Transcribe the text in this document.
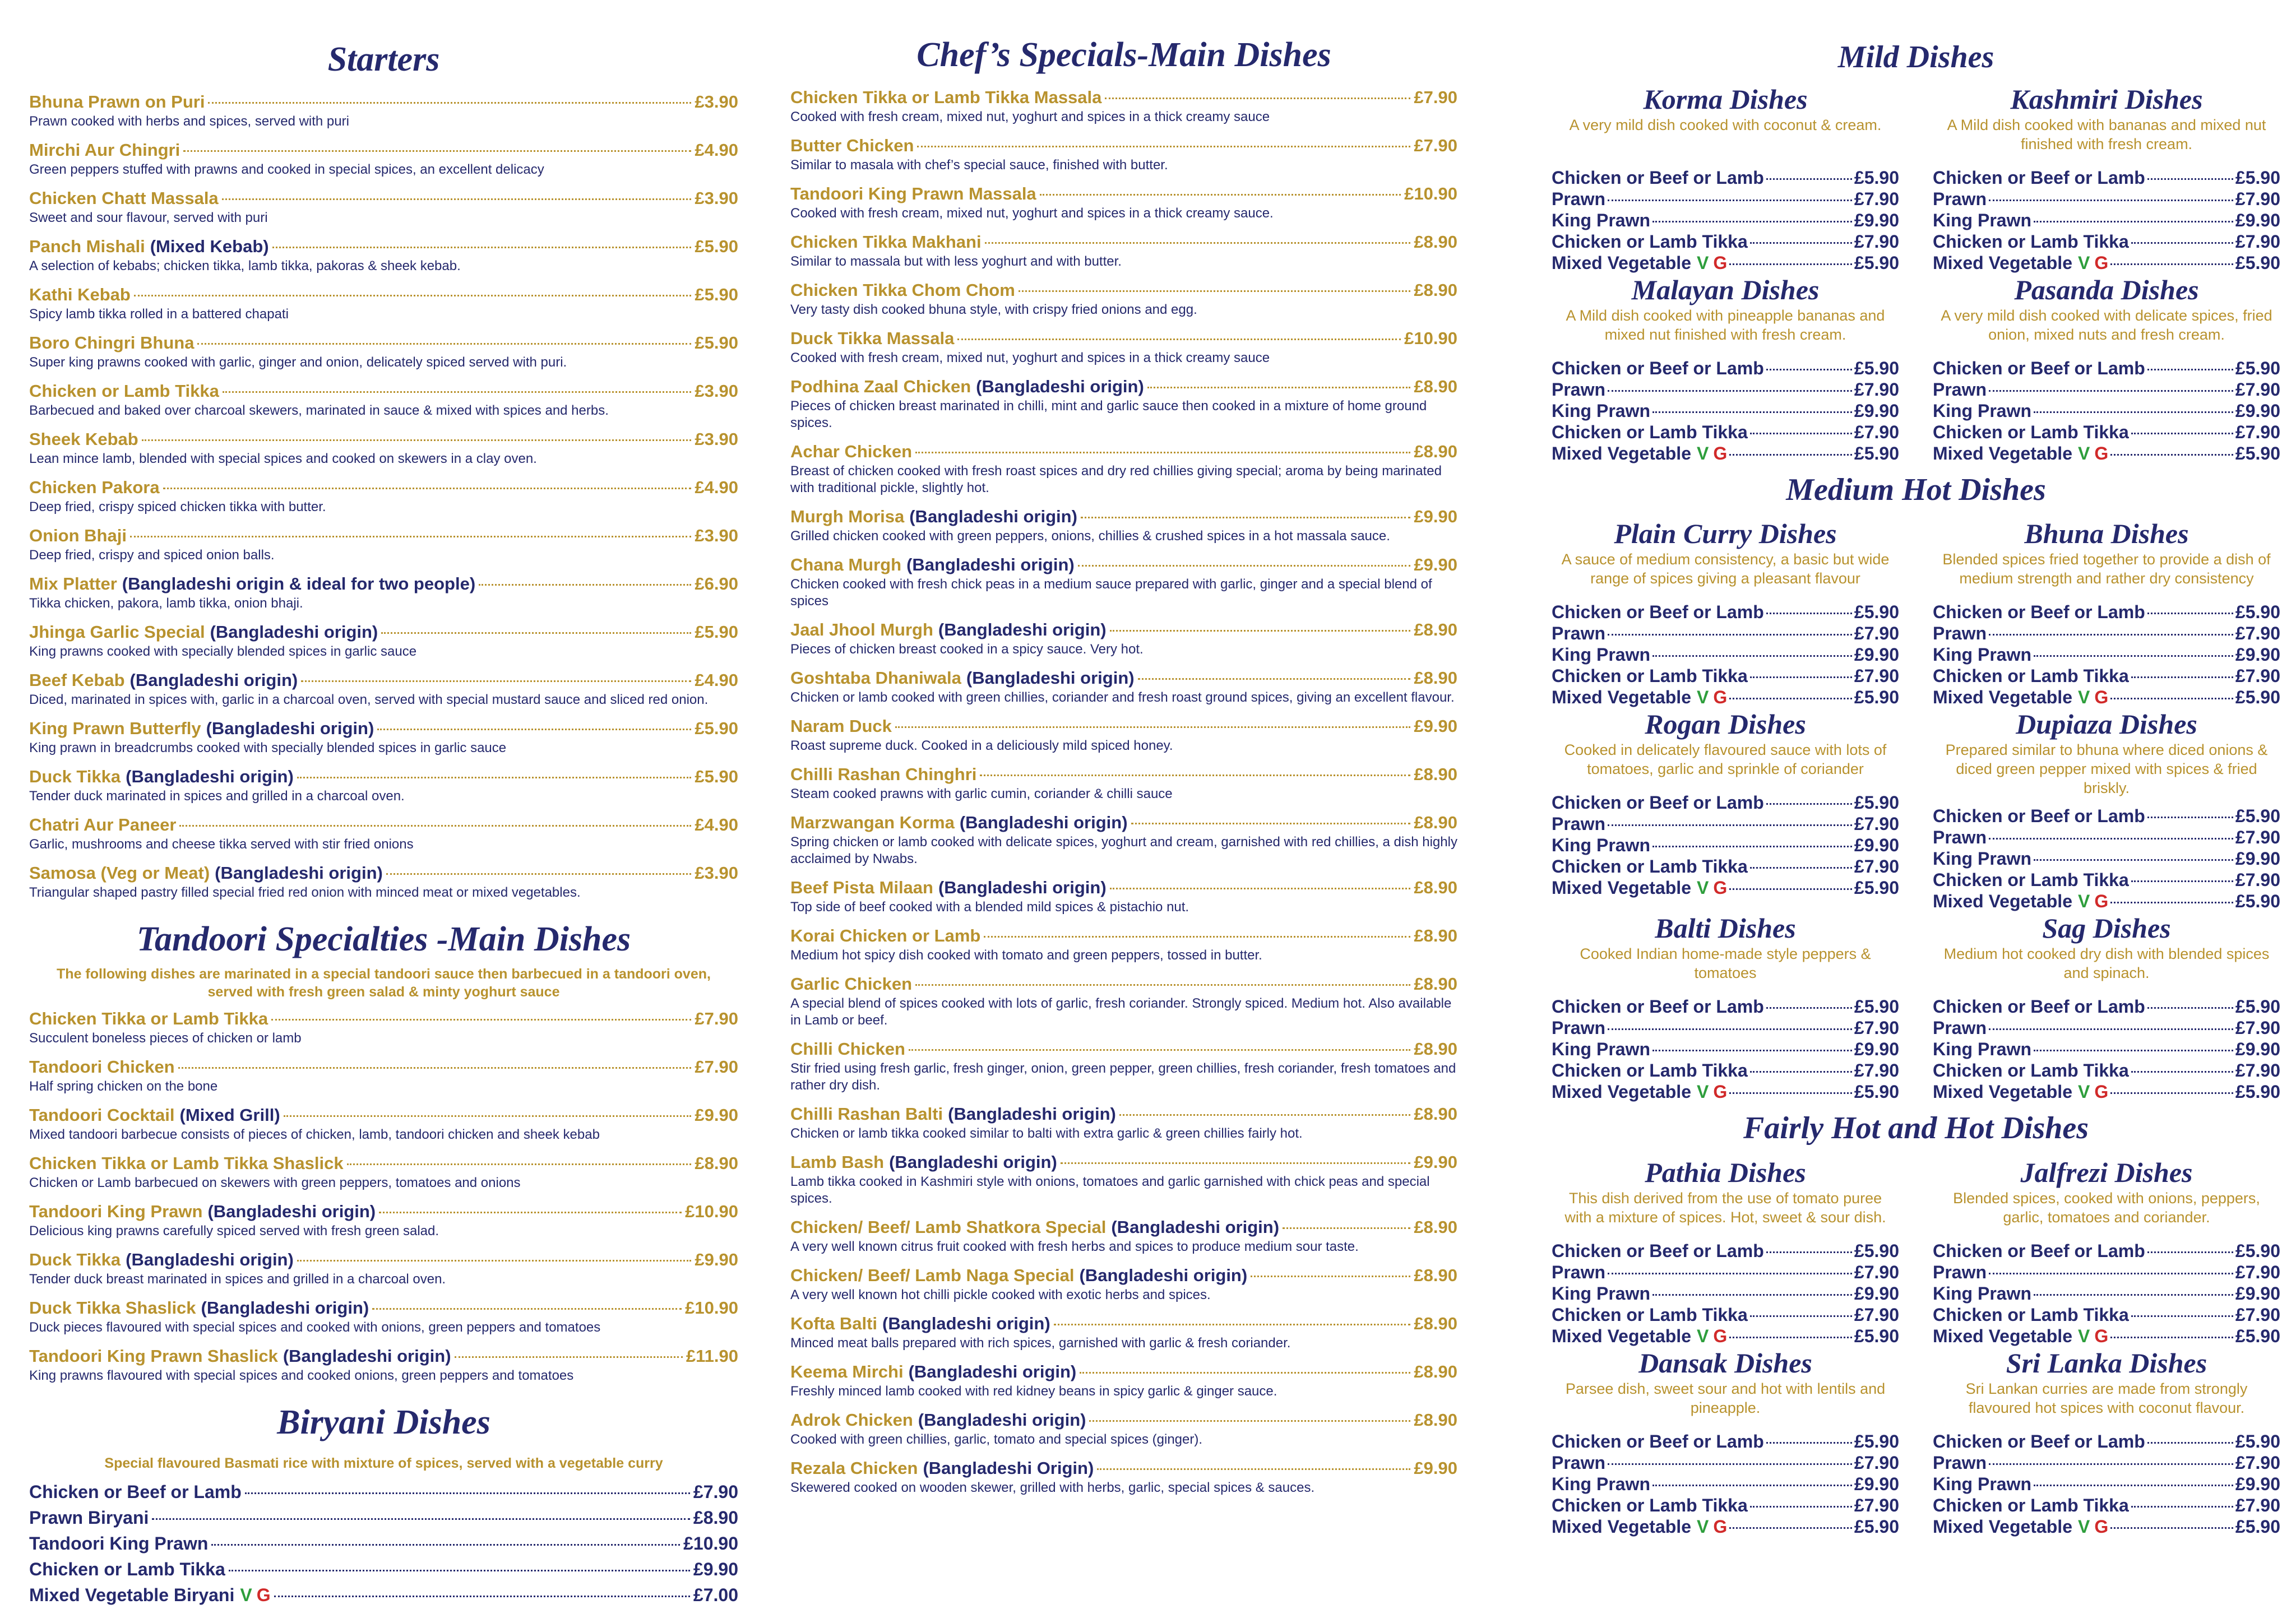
Starters
Bhuna Prawn on Puri	£3.90
Prawn cooked with herbs and spices, served with puri
Mirchi Aur Chingri	£4.90
Green peppers stuffed with prawns and cooked in special spices, an excellent delicacy
Chicken Chatt Massala	£3.90
Sweet and sour flavour, served with puri
Panch Mishali (Mixed Kebab)	£5.90
A selection of kebabs; chicken tikka, lamb tikka, pakoras & sheek kebab.
Kathi Kebab	£5.90
Spicy lamb tikka rolled in a battered chapati
Boro Chingri Bhuna	£5.90
Super king prawns cooked with garlic, ginger and onion, delicately spiced served with puri.
Chicken or Lamb Tikka	£3.90
Barbecued and baked over charcoal skewers, marinated in sauce & mixed with spices and herbs.
Sheek Kebab	£3.90
Lean mince lamb, blended with special spices and cooked on skewers in a clay oven.
Chicken Pakora	£4.90
Deep fried, crispy spiced chicken tikka with butter.
Onion Bhaji	£3.90
Deep fried, crispy and spiced onion balls.
Mix Platter (Bangladeshi origin & ideal for two people)	£6.90
Tikka chicken, pakora, lamb tikka, onion bhaji.
Jhinga Garlic Special (Bangladeshi origin)	£5.90
King prawns cooked with specially blended spices in garlic sauce
Beef Kebab (Bangladeshi origin)	£4.90
Diced, marinated in spices with, garlic in a charcoal oven, served with special mustard sauce and sliced red onion.
King Prawn Butterfly (Bangladeshi origin)	£5.90
King prawn in breadcrumbs cooked with specially blended spices in garlic sauce
Duck Tikka (Bangladeshi origin)	£5.90
Tender duck marinated in spices and grilled in a charcoal oven.
Chatri Aur Paneer	£4.90
Garlic, mushrooms and cheese tikka served with stir fried onions
Samosa (Veg or Meat) (Bangladeshi origin)	£3.90
Triangular shaped pastry filled special fried red onion with minced meat or mixed vegetables.
Tandoori Specialties -Main Dishes
The following dishes are marinated in a special tandoori sauce then barbecued in a tandoori oven, served with fresh green salad & minty yoghurt sauce
Chicken Tikka or Lamb Tikka	£7.90
Succulent boneless pieces of chicken or lamb
Tandoori Chicken	£7.90
Half spring chicken on the bone
Tandoori Cocktail (Mixed Grill)	£9.90
Mixed tandoori barbecue consists of pieces of chicken, lamb, tandoori chicken and sheek kebab
Chicken Tikka or Lamb Tikka Shaslick	£8.90
Chicken or Lamb barbecued on skewers with green peppers, tomatoes and onions
Tandoori King Prawn (Bangladeshi origin)	£10.90
Delicious king prawns carefully spiced served with fresh green salad.
Duck Tikka (Bangladeshi origin)	£9.90
Tender duck breast marinated in spices and grilled in a charcoal oven.
Duck Tikka Shaslick (Bangladeshi origin)	£10.90
Duck pieces flavoured with special spices and cooked with onions, green peppers and tomatoes
Tandoori King Prawn Shaslick (Bangladeshi origin)	£11.90
King prawns flavoured with special spices and cooked onions, green peppers and tomatoes
Biryani Dishes
Special flavoured Basmati rice with mixture of spices, served with a vegetable curry
Chicken or Beef or Lamb	£7.90
Prawn Biryani	£8.90
Tandoori King Prawn	£10.90
Chicken or Lamb Tikka	£9.90
Mixed Vegetable Biryani V G	£7.00
Chef’s Specials-Main Dishes
Chicken Tikka or Lamb Tikka Massala	£7.90
Cooked with fresh cream, mixed nut, yoghurt and spices in a thick creamy sauce
Butter Chicken	£7.90
Similar to masala with chef’s special sauce, finished with butter.
Tandoori King Prawn Massala	£10.90
Cooked with fresh cream, mixed nut, yoghurt and spices in a thick creamy sauce.
Chicken Tikka Makhani	£8.90
Similar to massala but with less yoghurt and with butter.
Chicken Tikka Chom Chom	£8.90
Very tasty dish cooked bhuna style, with crispy fried onions and egg.
Duck Tikka Massala	£10.90
Cooked with fresh cream, mixed nut, yoghurt and spices in a thick creamy sauce
Podhina Zaal Chicken (Bangladeshi origin)	£8.90
Pieces of chicken breast marinated in chilli, mint and garlic sauce then cooked in a mixture of home ground spices.
Achar Chicken	£8.90
Breast of chicken cooked with fresh roast spices and dry red chillies giving special; aroma by being marinated with traditional pickle, slightly hot.
Murgh Morisa (Bangladeshi origin)	£9.90
Grilled chicken cooked with green peppers, onions, chillies & crushed spices in a hot massala sauce.
Chana Murgh (Bangladeshi origin)	£9.90
Chicken cooked with fresh chick peas in a medium sauce prepared with garlic, ginger and a special blend of spices
Jaal Jhool Murgh (Bangladeshi origin)	£8.90
Pieces of chicken breast cooked in a spicy sauce. Very hot.
Goshtaba Dhaniwala (Bangladeshi origin)	£8.90
Chicken or lamb cooked with green chillies, coriander and fresh roast ground spices, giving an excellent flavour.
Naram Duck	£9.90
Roast supreme duck. Cooked in a deliciously mild spiced honey.
Chilli Rashan Chinghri	£8.90
Steam cooked prawns with garlic cumin, coriander & chilli sauce
Marzwangan Korma (Bangladeshi origin)	£8.90
Spring chicken or lamb cooked with delicate spices, yoghurt and cream, garnished with red chillies, a dish highly acclaimed by Nwabs.
Beef Pista Milaan (Bangladeshi origin)	£8.90
Top side of beef cooked with a blended mild spices & pistachio nut.
Korai Chicken or Lamb	£8.90
Medium hot spicy dish cooked with tomato and green peppers, tossed in butter.
Garlic Chicken	£8.90
A special blend of spices cooked with lots of garlic, fresh coriander. Strongly spiced. Medium hot. Also available in Lamb or beef.
Chilli Chicken	£8.90
Stir fried using fresh garlic, fresh ginger, onion, green pepper, green chillies, fresh coriander, fresh tomatoes and rather dry dish.
Chilli Rashan Balti (Bangladeshi origin)	£8.90
Chicken or lamb tikka cooked similar to balti with extra garlic & green chillies fairly hot.
Lamb Bash (Bangladeshi origin)	£9.90
Lamb tikka cooked in Kashmiri style with onions, tomatoes and garlic garnished with chick peas and special spices.
Chicken/ Beef/ Lamb Shatkora Special (Bangladeshi origin)	£8.90
A very well known citrus fruit cooked with fresh herbs and spices to produce medium sour taste.
Chicken/ Beef/ Lamb Naga Special (Bangladeshi origin)	£8.90
A very well known hot chilli pickle cooked with exotic herbs and spices.
Kofta Balti (Bangladeshi origin)	£8.90
Minced meat balls prepared with rich spices, garnished with garlic & fresh coriander.
Keema Mirchi (Bangladeshi origin)	£8.90
Freshly minced lamb cooked with red kidney beans in spicy garlic & ginger sauce.
Adrok Chicken (Bangladeshi origin)	£8.90
Cooked with green chillies, garlic, tomato and special spices (ginger).
Rezala Chicken (Bangladeshi Origin)	£9.90
Skewered cooked on wooden skewer, grilled with herbs, garlic, special spices & sauces.
Mild Dishes
Korma Dishes
A very mild dish cooked with coconut & cream.
Chicken or Beef or Lamb	£5.90
Prawn	£7.90
King Prawn	£9.90
Chicken or Lamb Tikka	£7.90
Mixed Vegetable V G	£5.90
Kashmiri Dishes
A Mild dish cooked with bananas and mixed nut finished with fresh cream.
Chicken or Beef or Lamb	£5.90
Prawn	£7.90
King Prawn	£9.90
Chicken or Lamb Tikka	£7.90
Mixed Vegetable V G	£5.90
Malayan Dishes
A Mild dish cooked with pineapple bananas and mixed nut finished with fresh cream.
Chicken or Beef or Lamb	£5.90
Prawn	£7.90
King Prawn	£9.90
Chicken or Lamb Tikka	£7.90
Mixed Vegetable V G	£5.90
Pasanda Dishes
A very mild dish cooked with delicate spices, fried onion, mixed nuts and fresh cream.
Chicken or Beef or Lamb	£5.90
Prawn	£7.90
King Prawn	£9.90
Chicken or Lamb Tikka	£7.90
Mixed Vegetable V G	£5.90
Medium Hot Dishes
Plain Curry Dishes
A sauce of medium consistency, a basic but wide range of spices giving a pleasant flavour
Chicken or Beef or Lamb	£5.90
Prawn	£7.90
King Prawn	£9.90
Chicken or Lamb Tikka	£7.90
Mixed Vegetable V G	£5.90
Bhuna Dishes
Blended spices fried together to provide a dish of medium strength and rather dry consistency
Chicken or Beef or Lamb	£5.90
Prawn	£7.90
King Prawn	£9.90
Chicken or Lamb Tikka	£7.90
Mixed Vegetable V G	£5.90
Rogan Dishes
Cooked in delicately flavoured sauce with lots of tomatoes, garlic and sprinkle of coriander
Chicken or Beef or Lamb	£5.90
Prawn	£7.90
King Prawn	£9.90
Chicken or Lamb Tikka	£7.90
Mixed Vegetable V G	£5.90
Dupiaza Dishes
Prepared similar to bhuna where diced onions & diced green pepper mixed with spices & fried briskly.
Chicken or Beef or Lamb	£5.90
Prawn	£7.90
King Prawn	£9.90
Chicken or Lamb Tikka	£7.90
Mixed Vegetable V G	£5.90
Balti Dishes
Cooked Indian home-made style peppers & tomatoes
Chicken or Beef or Lamb	£5.90
Prawn	£7.90
King Prawn	£9.90
Chicken or Lamb Tikka	£7.90
Mixed Vegetable V G	£5.90
Sag Dishes
Medium hot cooked dry dish with blended spices and spinach.
Chicken or Beef or Lamb	£5.90
Prawn	£7.90
King Prawn	£9.90
Chicken or Lamb Tikka	£7.90
Mixed Vegetable V G	£5.90
Fairly Hot and Hot Dishes
Pathia Dishes
This dish derived from the use of tomato puree with a mixture of spices. Hot, sweet & sour dish.
Chicken or Beef or Lamb	£5.90
Prawn	£7.90
King Prawn	£9.90
Chicken or Lamb Tikka	£7.90
Mixed Vegetable V G	£5.90
Jalfrezi Dishes
Blended spices, cooked with onions, peppers, garlic, tomatoes and coriander.
Chicken or Beef or Lamb	£5.90
Prawn	£7.90
King Prawn	£9.90
Chicken or Lamb Tikka	£7.90
Mixed Vegetable V G	£5.90
Dansak Dishes
Parsee dish, sweet sour and hot with lentils and pineapple.
Chicken or Beef or Lamb	£5.90
Prawn	£7.90
King Prawn	£9.90
Chicken or Lamb Tikka	£7.90
Mixed Vegetable V G	£5.90
Sri Lanka Dishes
Sri Lankan curries are made from strongly flavoured hot spices with coconut flavour.
Chicken or Beef or Lamb	£5.90
Prawn	£7.90
King Prawn	£9.90
Chicken or Lamb Tikka	£7.90
Mixed Vegetable V G	£5.90
